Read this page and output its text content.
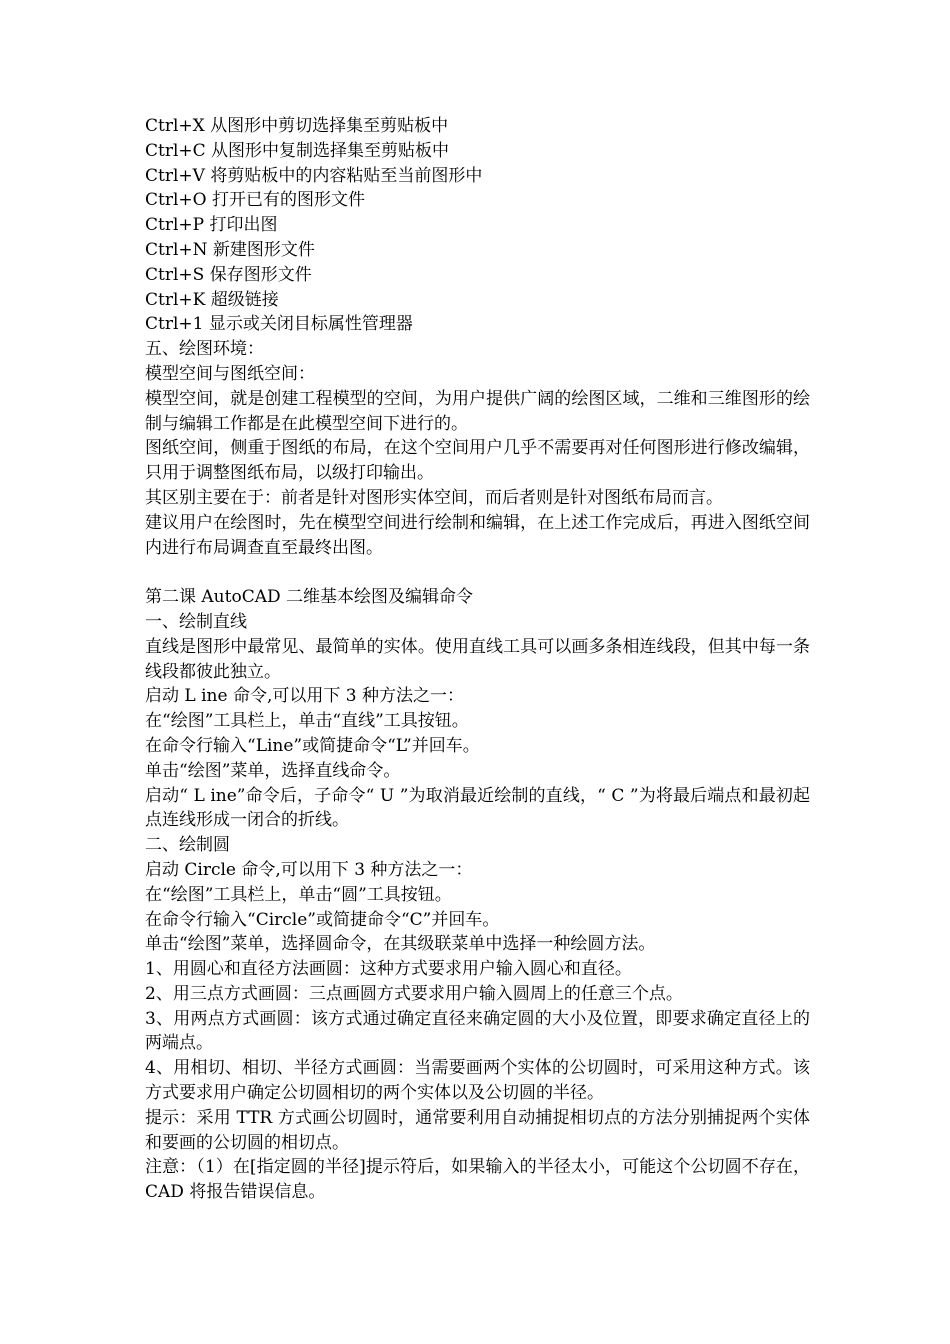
Ctrl+X 从图形中剪切选择集至剪贴板中

Ctrl+C 从图形中复制选择集至剪贴板中

Ctrl+V 将剪贴板中的内容粘贴至当前图形中

Ctrl+O 打开已有的图形文件

Ctrl+P 打印出图

Ctrl+N 新建图形文件

Ctrl+S 保存图形文件

Ctrl+K 超级链接

Ctrl+1 显示或关闭目标属性管理器

五、绘图环境：

模型空间与图纸空间：

模型空间，就是创建工程模型的空间，为用户提供广阔的绘图区域，二维和三维图形的绘制与编辑工作都是在此模型空间下进行的。

图纸空间，侧重于图纸的布局，在这个空间用户几乎不需要再对任何图形进行修改编辑，只用于调整图纸布局，以级打印输出。

其区别主要在于：前者是针对图形实体空间，而后者则是针对图纸布局而言。

建议用户在绘图时，先在模型空间进行绘制和编辑，在上述工作完成后，再进入图纸空间内进行布局调查直至最终出图。

第二课 AutoCAD 二维基本绘图及编辑命令

一、绘制直线

直线是图形中最常见、最简单的实体。使用直线工具可以画多条相连线段，但其中每一条线段都彼此独立。

启动 L ine 命令,可以用下 3 种方法之一：

在“绘图”工具栏上，单击“直线”工具按钮。

在命令行输入“Line”或简捷命令“L”并回车。

单击“绘图”菜单，选择直线命令。

启动“ L ine”命令后，子命令“ U ”为取消最近绘制的直线，“ C ”为将最后端点和最初起点连线形成一闭合的折线。

二、绘制圆

启动 Circle 命令,可以用下 3 种方法之一：

在“绘图”工具栏上，单击“圆”工具按钮。

在命令行输入“Circle”或简捷命令“C”并回车。

单击“绘图”菜单，选择圆命令，在其级联菜单中选择一种绘圆方法。

1、用圆心和直径方法画圆：这种方式要求用户输入圆心和直径。

2、用三点方式画圆：三点画圆方式要求用户输入圆周上的任意三个点。

3、用两点方式画圆：该方式通过确定直径来确定圆的大小及位置，即要求确定直径上的两端点。

4、用相切、相切、半径方式画圆：当需要画两个实体的公切圆时，可采用这种方式。该方式要求用户确定公切圆相切的两个实体以及公切圆的半径。

提示：采用 TTR 方式画公切圆时，通常要利用自动捕捉相切点的方法分别捕捉两个实体和要画的公切圆的相切点。

注意：（1）在[指定圆的半径]提示符后，如果输入的半径太小，可能这个公切圆不存在，CAD 将报告错误信息。
